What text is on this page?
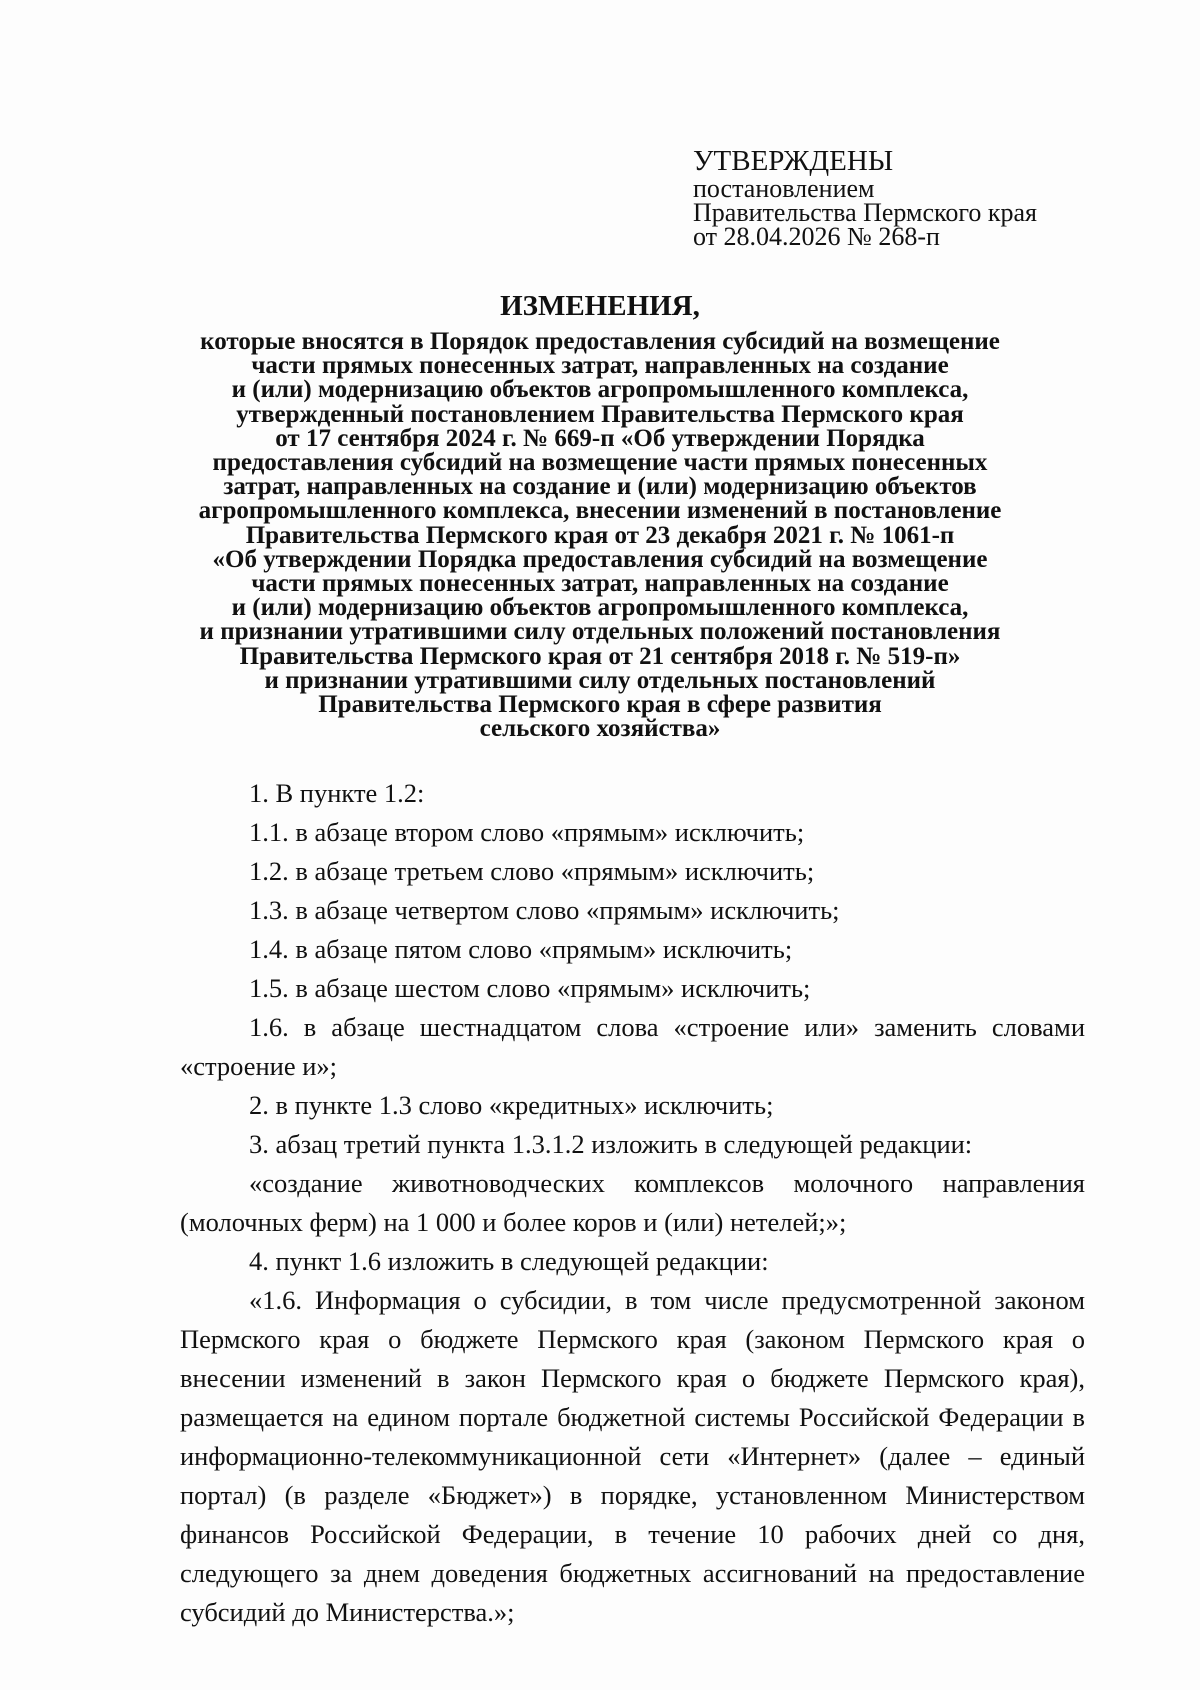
УТВЕРЖДЕНЫ
постановлением
Правительства Пермского края
от 28.04.2026 № 268-п
ИЗМЕНЕНИЯ,
которые вносятся в Порядок предоставления субсидий на возмещение
части прямых понесенных затрат, направленных на создание
и (или) модернизацию объектов агропромышленного комплекса,
утвержденный постановлением Правительства Пермского края
от 17 сентября 2024 г. № 669-п «Об утверждении Порядка
предоставления субсидий на возмещение части прямых понесенных
затрат, направленных на создание и (или) модернизацию объектов
агропромышленного комплекса, внесении изменений в постановление
Правительства Пермского края от 23 декабря 2021 г. № 1061-п
«Об утверждении Порядка предоставления субсидий на возмещение
части прямых понесенных затрат, направленных на создание
и (или) модернизацию объектов агропромышленного комплекса,
и признании утратившими силу отдельных положений постановления
Правительства Пермского края от 21 сентября 2018 г. № 519-п»
и признании утратившими силу отдельных постановлений
Правительства Пермского края в сфере развития
сельского хозяйства»

1. В пункте 1.2:

1.1. в абзаце втором слово «прямым» исключить;

1.2. в абзаце третьем слово «прямым» исключить;

1.3. в абзаце четвертом слово «прямым» исключить;

1.4. в абзаце пятом слово «прямым» исключить;

1.5. в абзаце шестом слово «прямым» исключить;

1.6. в абзаце шестнадцатом слова «строение или» заменить словами «строение и»;

2. в пункте 1.3 слово «кредитных» исключить;

3. абзац третий пункта 1.3.1.2 изложить в следующей редакции:

«создание животноводческих комплексов молочного направления (молочных ферм) на 1 000 и более коров и (или) нетелей;»;

4. пункт 1.6 изложить в следующей редакции:

«1.6. Информация о субсидии, в том числе предусмотренной законом Пермского края о бюджете Пермского края (законом Пермского края о внесении изменений в закон Пермского края о бюджете Пермского края), размещается на едином портале бюджетной системы Российской Федерации в информационно-телекоммуникационной сети «Интернет» (далее – единый портал) (в разделе «Бюджет») в порядке, установленном Министерством финансов Российской Федерации, в течение 10 рабочих дней со дня, следующего за днем доведения бюджетных ассигнований на предоставление субсидий до Министерства.»;
